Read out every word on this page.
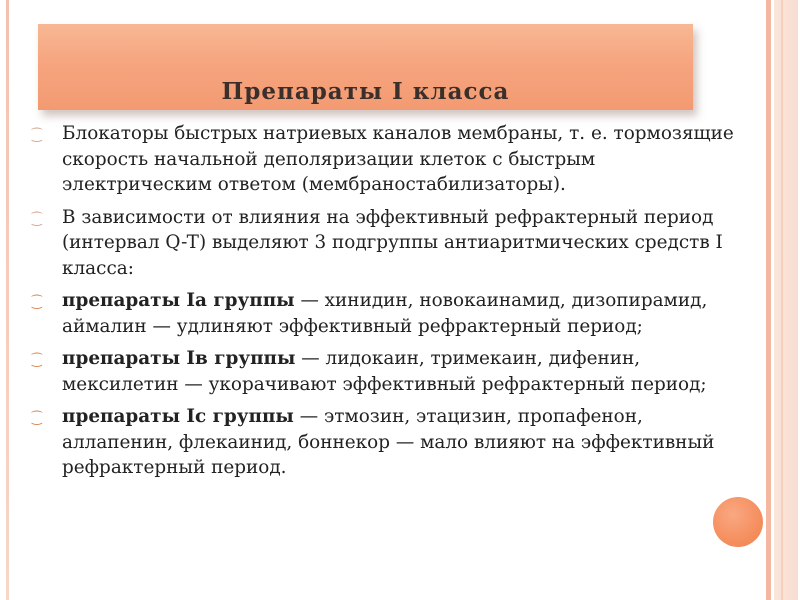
Препараты I класса
⁐ Блокаторы быстрых натриевых каналов мембраны, т. е. тормозящие скорость начальной деполяризации клеток с быстрым электрическим ответом (мембраностабилизаторы).
⁐ В зависимости от влияния на эффективный рефрактерный период (интервал Q-T) выделяют 3 подгруппы антиаритмических средств I класса:
⁐ препараты Iа группы — хинидин, новокаинамид, дизопирамид, аймалин — удлиняют эффективный рефрактерный период;
⁐ препараты Iв группы — лидокаин, тримекаин, дифенин, мексилетин — укорачивают эффективный рефрактерный период;
⁐ препараты Iс группы — этмозин, этацизин, пропафенон, аллапенин, флекаинид, боннекор — мало влияют на эффективный рефрактерный период.
